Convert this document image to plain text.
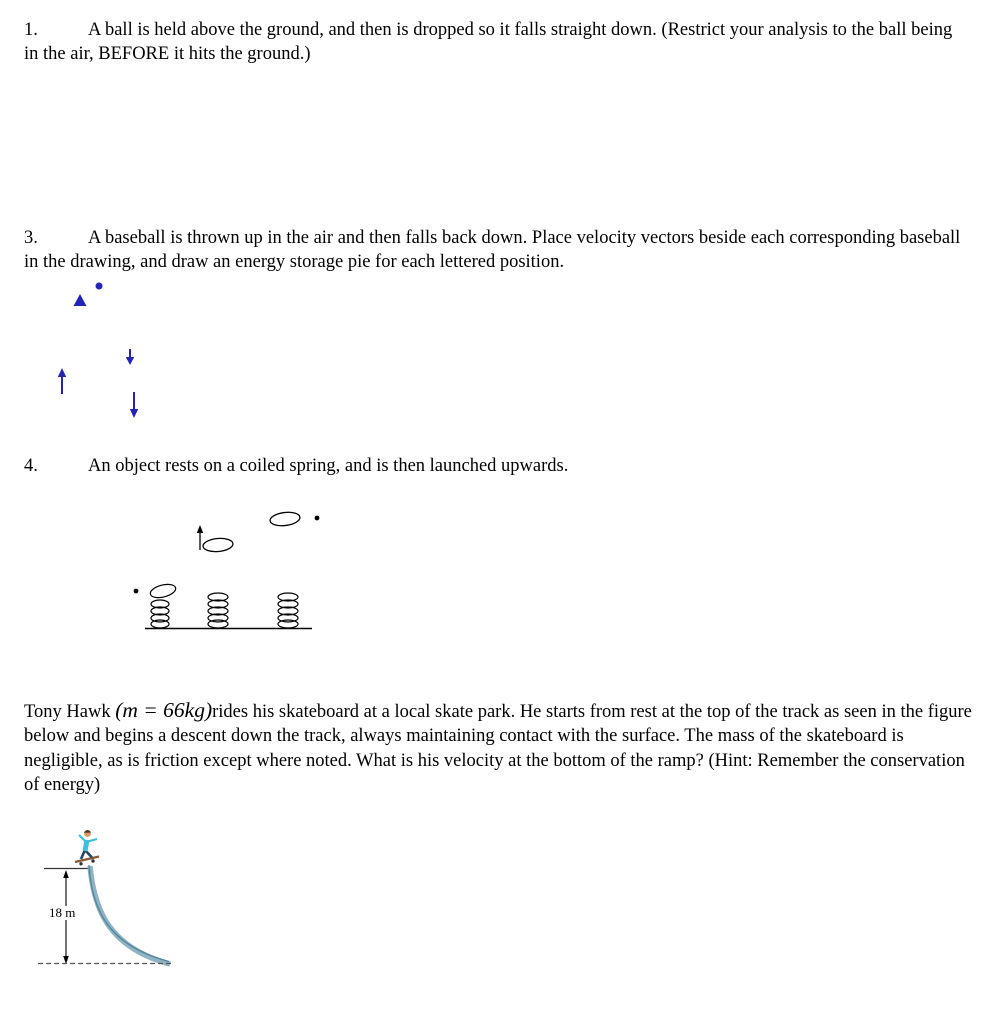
1.	A ball is held above the ground, and then is dropped so it falls straight down. (Restrict your analysis to the ball being in the air, BEFORE it hits the ground.)

3.	A baseball is thrown up in the air and then falls back down. Place velocity vectors beside each corresponding baseball in the drawing, and draw an energy storage pie for each lettered position.

4.	An object rests on a coiled spring, and is then launched upwards.

Tony Hawk (m = 66kg)rides his skateboard at a local skate park. He starts from rest at the top of the track as seen in the figure below and begins a descent down the track, always maintaining contact with the surface. The mass of the skateboard is negligible, as is friction except where noted. What is his velocity at the bottom of the ramp? (Hint: Remember the conservation of energy)

18 m
